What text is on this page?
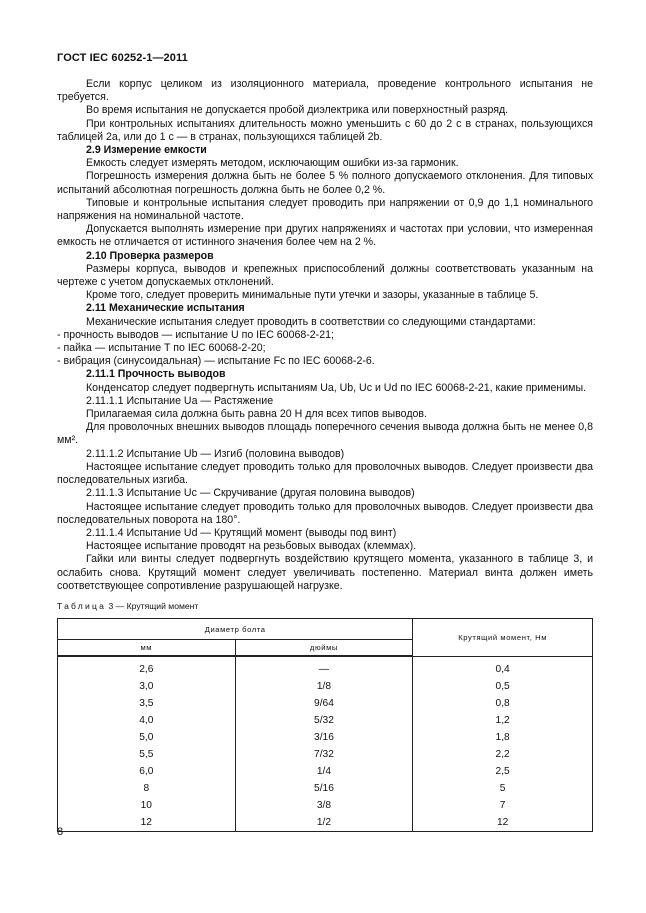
ГОСТ IEC 60252-1—2011

Если корпус целиком из изоляционного материала, проведение контрольного испытания не требуется.

Во время испытания не допускается пробой диэлектрика или поверхностный разряд.

При контрольных испытаниях длительность можно уменьшить с 60 до 2 с в странах, пользующихся таблицей 2а, или до 1 с — в странах, пользующихся таблицей 2b.

2.9 Измерение емкости

Емкость следует измерять методом, исключающим ошибки из-за гармоник.

Погрешность измерения должна быть не более 5 % полного допускаемого отклонения. Для типовых испытаний абсолютная погрешность должна быть не более 0,2 %.

Типовые и контрольные испытания следует проводить при напряжении от 0,9 до 1,1 номинального напряжения на номинальной частоте.

Допускается выполнять измерение при других напряжениях и частотах при условии, что измеренная емкость не отличается от истинного значения более чем на 2 %.

2.10 Проверка размеров

Размеры корпуса, выводов и крепежных приспособлений должны соответствовать указанным на чертеже с учетом допускаемых отклонений.

Кроме того, следует проверить минимальные пути утечки и зазоры, указанные в таблице 5.

2.11 Механические испытания

Механические испытания следует проводить в соответствии со следующими стандартами:

- прочность выводов — испытание U по IEC 60068-2-21;

- пайка — испытание T по IEC 60068-2-20;

- вибрация (синусоидальная) — испытание Fc по IEC 60068-2-6.

2.11.1 Прочность выводов

Конденсатор следует подвергнуть испытаниям Ua, Ub, Uc и Ud по IEC 60068-2-21, какие применимы.

2.11.1.1 Испытание Ua — Растяжение

Прилагаемая сила должна быть равна 20 Н для всех типов выводов.

Для проволочных внешних выводов площадь поперечного сечения вывода должна быть не менее 0,8 мм².

2.11.1.2 Испытание Ub — Изгиб (половина выводов)

Настоящее испытание следует проводить только для проволочных выводов. Следует произвести два последовательных изгиба.

2.11.1.3 Испытание Uc — Скручивание (другая половина выводов)

Настоящее испытание следует проводить только для проволочных выводов. Следует произвести два последовательных поворота на 180°.

2.11.1.4 Испытание Ud — Крутящий момент (выводы под винт)

Настоящее испытание проводят на резьбовых выводах (клеммах).

Гайки или винты следует подвергнуть воздействию крутящего момента, указанного в таблице 3, и ослабить снова. Крутящий момент следует увеличивать постепенно. Материал винта должен иметь соответствующее сопротивление разрушающей нагрузке.

Таблица 3 — Крутящий момент
Диаметр болта		Крутящий момент, Нм
мм	дюймы	

2,6	—	0,4
3,0	1/8	0,5
3,5	9/64	0,8
4,0	5/32	1,2
5,0	3/16	1,8
5,5	7/32	2,2
6,0	1/4	2,5
8	5/16	5
10	3/8	7
12	1/2	12
8
